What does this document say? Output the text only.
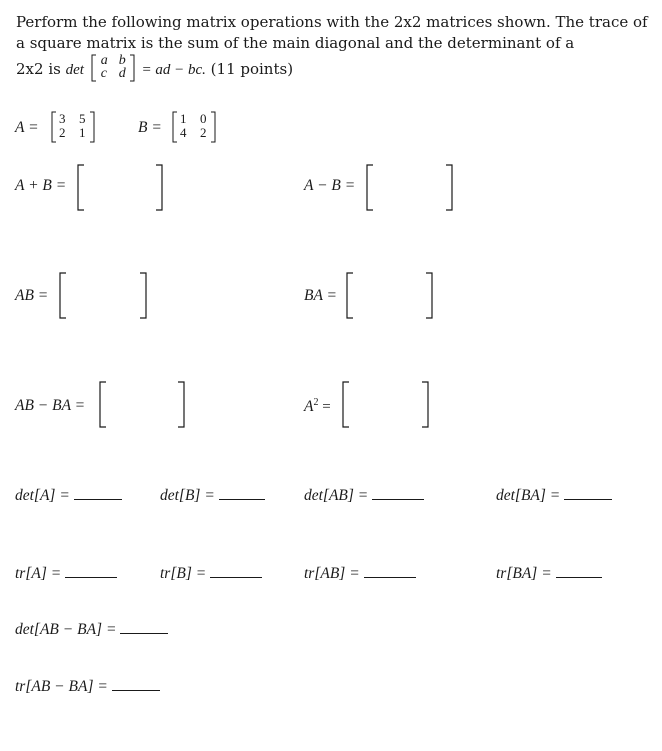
Perform the following matrix operations with the 2x2 matrices shown. The trace of a square matrix is the sum of the main diagonal and the determinant of a

2x2 is det
a b
c d = ad − bc. (11 points)

A =
3 5
2 1	B =
1 0
4 2
A + B =	A − B =
AB =	BA =
AB − BA =	$A^2$ =
det[A] =	det[B] =	det[AB] =	det[BA] =
tr[A] =	tr[B] =	tr[AB] =	tr[BA] =
det[AB − BA] =
tr[AB − BA] =
